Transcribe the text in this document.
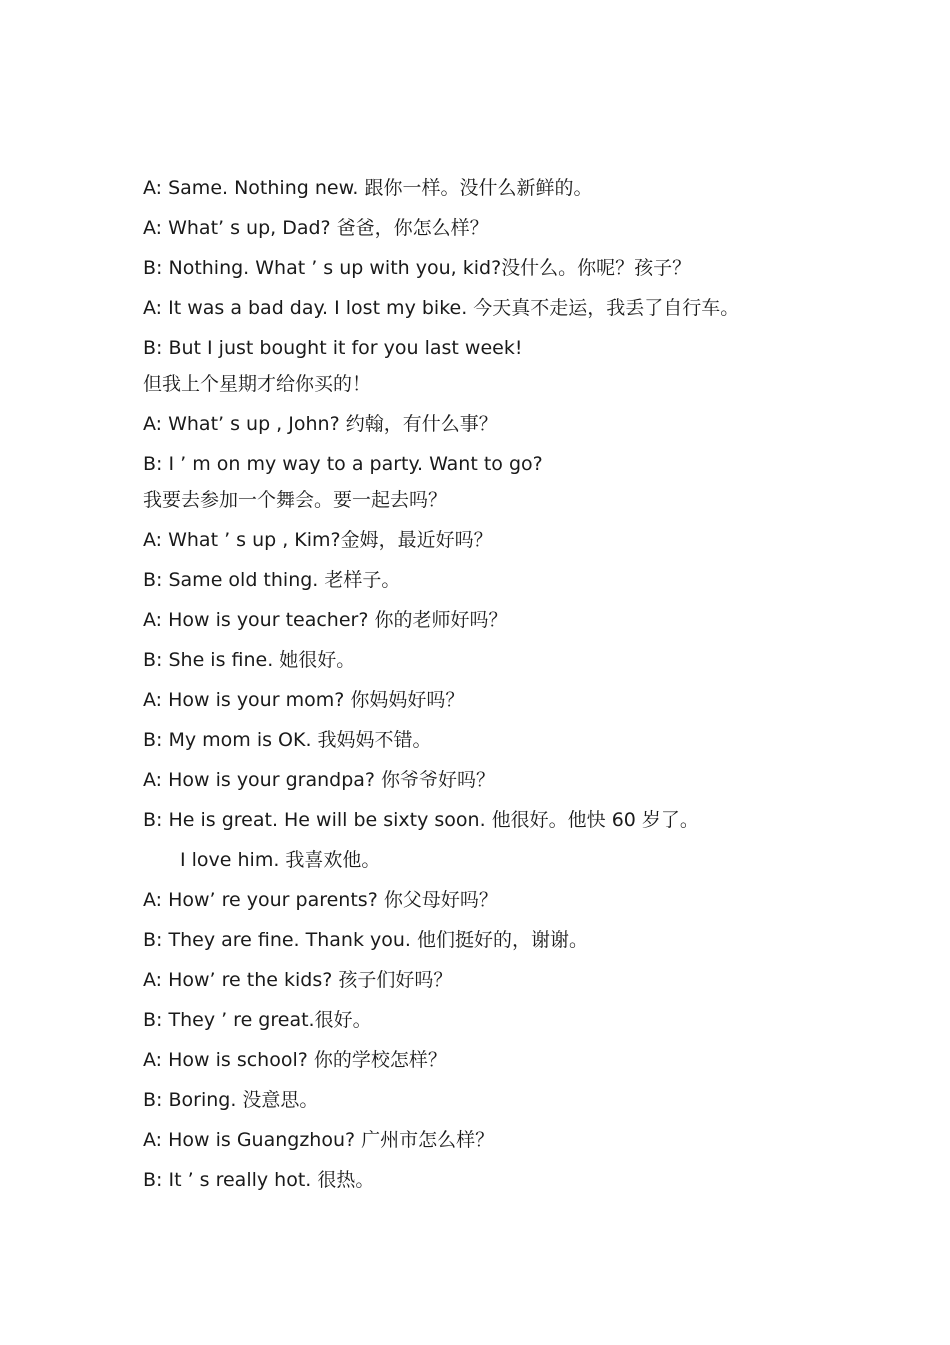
A: Same. Nothing new. 跟你一样。没什么新鲜的。
A: What’ s up, Dad? 爸爸，你怎么样？
B: Nothing. What ’ s up with you, kid?没什么。你呢？孩子？
A: It was a bad day. I lost my bike. 今天真不走运，我丢了自行车。
B: But I just bought it for you last week!
但我上个星期才给你买的！
A: What’ s up , John? 约翰，有什么事？
B: I ’ m on my way to a party. Want to go?
我要去参加一个舞会。要一起去吗？
A: What ’ s up , Kim?金姆，最近好吗？
B: Same old thing. 老样子。
A: How is your teacher? 你的老师好吗？
B: She is fine. 她很好。
A: How is your mom? 你妈妈好吗？
B: My mom is OK. 我妈妈不错。
A: How is your grandpa? 你爷爷好吗？
B: He is great. He will be sixty soon. 他很好。他快 60 岁了。
I love him. 我喜欢他。
A: How’ re your parents? 你父母好吗？
B: They are fine. Thank you. 他们挺好的，谢谢。
A: How’ re the kids? 孩子们好吗？
B: They ’ re great.很好。
A: How is school? 你的学校怎样？
B: Boring. 没意思。
A: How is Guangzhou? 广州市怎么样？
B: It ’ s really hot. 很热。
